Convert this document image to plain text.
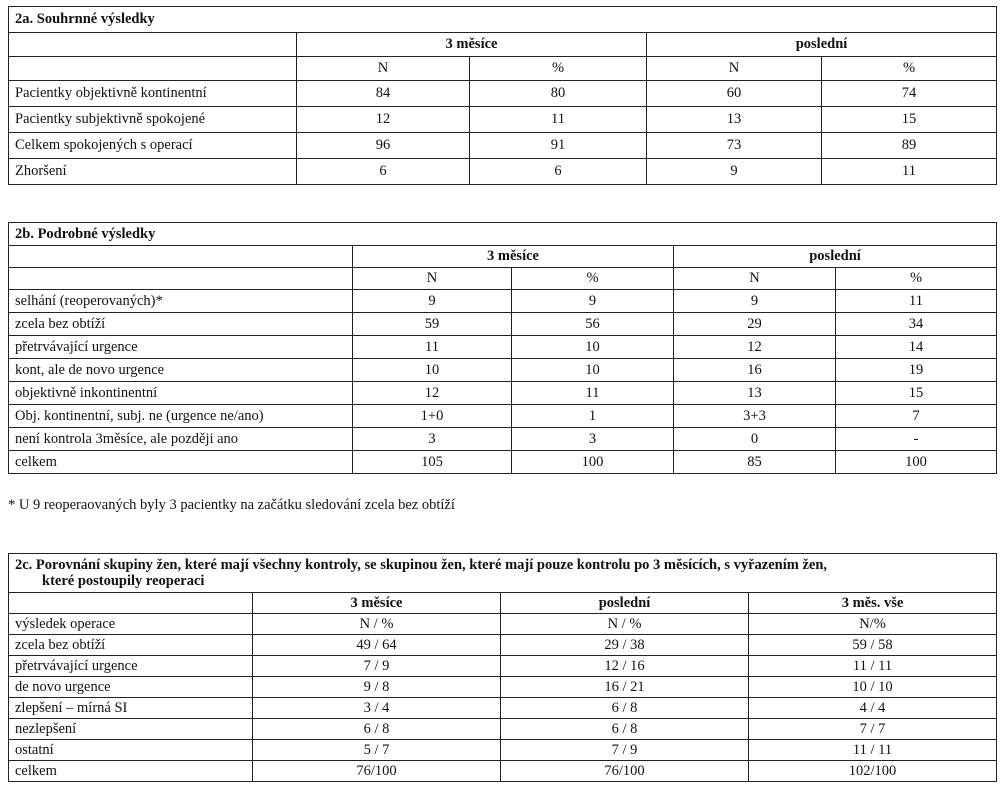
2a. Souhrnné výsledky				
	3 měsíce		poslední	
	N	%	N	%
Pacientky objektivně kontinentní	84	80	60	74
Pacientky subjektivně spokojené	12	11	13	15
Celkem spokojených s operací	96	91	73	89
Zhoršení	6	6	9	11
2b. Podrobné výsledky				
	3 měsíce		poslední	
	N	%	N	%
selhání (reoperovaných)*	9	9	9	11
zcela bez obtíží	59	56	29	34
přetrvávající urgence	11	10	12	14
kont, ale de novo urgence	10	10	16	19
objektivně inkontinentní	12	11	13	15
Obj. kontinentní, subj. ne (urgence ne/ano)	1+0	1	3+3	7
není kontrola 3měsíce, ale později ano	3	3	0	-
celkem	105	100	85	100
* U 9 reoperaovaných byly 3 pacientky na začátku sledování zcela bez obtíží
2c. Porovnání skupiny žen, které mají všechny kontroly, se skupinou žen, které mají pouze kontrolu po 3 měsících, s vyřazením žen,
které postoupily reoperaci			
	3 měsíce	poslední	3 měs. vše
výsledek operace	N / %	N / %	N/%
zcela bez obtíží	49 / 64	29 / 38	59 / 58
přetrvávající urgence	7 / 9	12 / 16	11 / 11
de novo urgence	9 / 8	16 / 21	10 / 10
zlepšení – mírná SI	3 / 4	6 / 8	4 / 4
nezlepšení	6 / 8	6 / 8	7 / 7
ostatní	5 / 7	7 / 9	11 / 11
celkem	76/100	76/100	102/100
